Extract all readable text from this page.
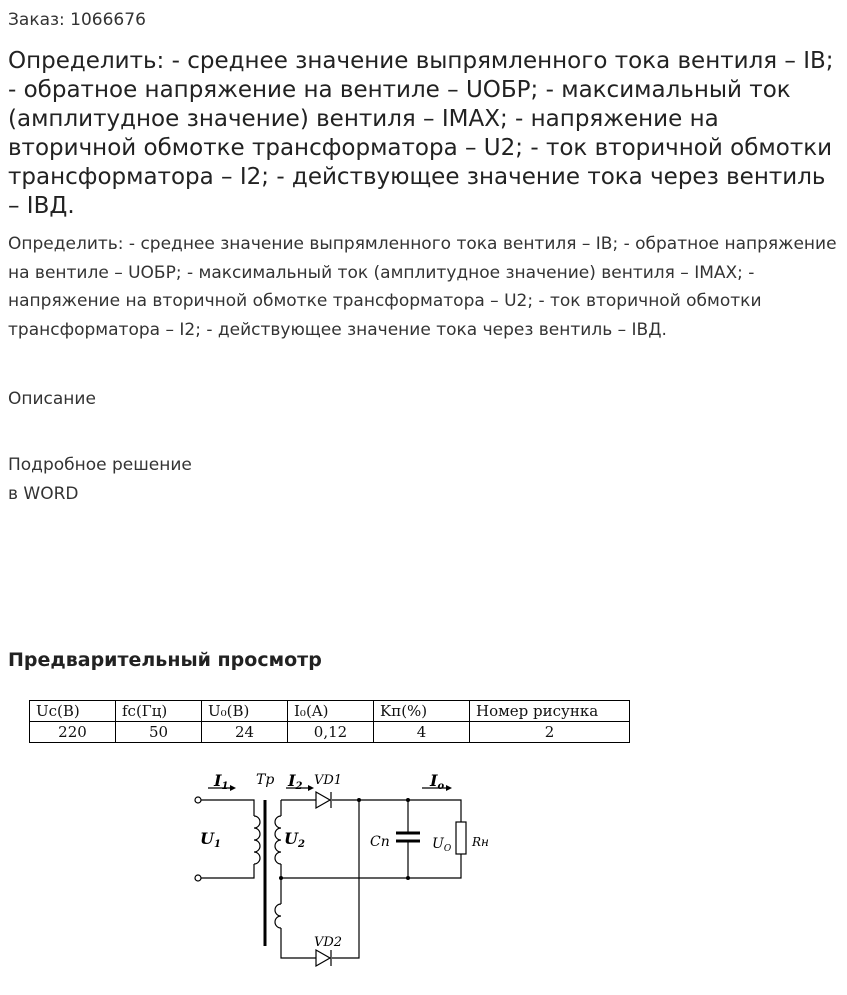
Заказ: 1066676
Определить: - среднее значение выпрямленного тока вентиля – IВ; - обратное напряжение на вентиле – UОБР; - максимальный ток (амплитудное значение) вентиля – IMAX; - напряжение на вторичной обмотке трансформатора – U2; - ток вторичной обмотки трансформатора – I2; - действующее значение тока через вентиль – IВД.

Определить: - среднее значение выпрямленного тока вентиля – IВ; - обратное напряжение на вентиле – UОБР; - максимальный ток (амплитудное значение) вентиля – IMAX; - напряжение на вторичной обмотке трансформатора – U2; - ток вторичной обмотки трансформатора – I2; - действующее значение тока через вентиль – IВД.

Описание
Подробное решение
в WORD
Предварительный просмотр
Uc(B)	fc(Гц)	U₀(B)	I₀(A)	Kп(%)	Номер рисунка
220	50	24	0,12	4	2
I1 Tp I2 VD1	Io
U1	U2	Cn	$U_O$ Rн
VD2
